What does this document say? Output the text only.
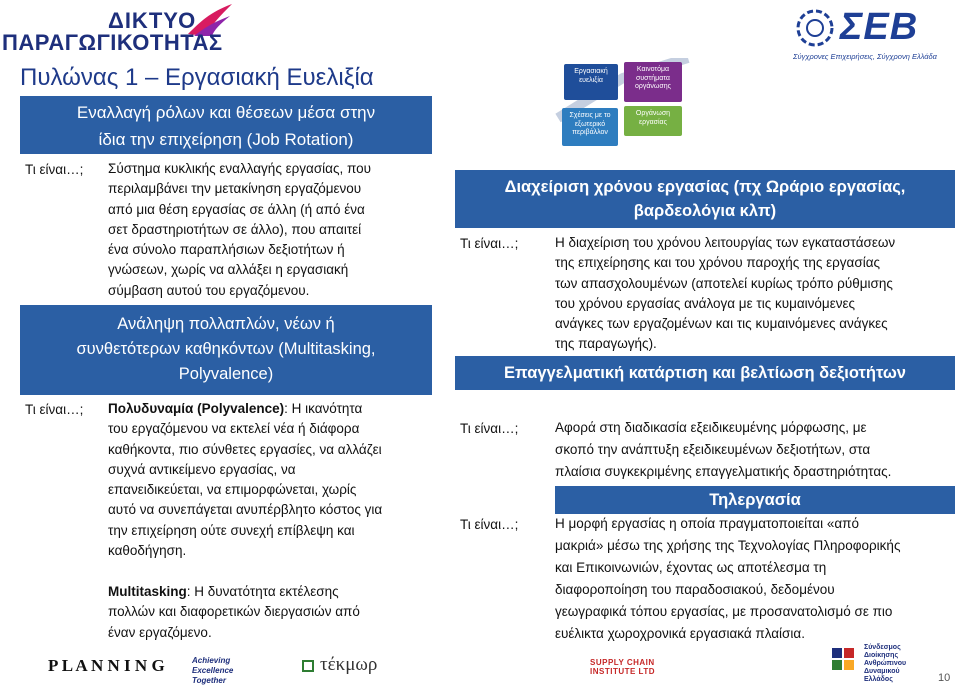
ΔΙΚΤΥΟ
ΠΑΡΑΓΩΓΙΚΟΤΗΤΑΣ	ΣΕΒ
Σύγχρονες Επιχειρήσεις, Σύγχρονη Ελλάδα
Πυλώνας 1 – Εργασιακή Ευελιξία	Εργασιακή ευελιξία
Καινοτόμα συστήματα οργάνωσης
Σχέσεις με το εξωτερικό περιβάλλον
Οργάνωση εργασίας
Εναλλαγή ρόλων και θέσεων μέσα στην
ίδια την επιχείρηση (Job Rotation)
Τι είναι…; Σύστημα κυκλικής εναλλαγής εργασίας, που
περιλαμβάνει την μετακίνηση εργαζόμενου
από μια θέση εργασίας σε άλλη (ή από ένα
σετ δραστηριοτήτων σε άλλο), που απαιτεί
ένα σύνολο παραπλήσιων δεξιοτήτων ή
γνώσεων, χωρίς να αλλάξει η εργασιακή
σύμβαση αυτού του εργαζόμενου.
Ανάληψη πολλαπλών, νέων ή
συνθετότερων καθηκόντων (Multitasking,
Polyvalence)
Τι είναι…; Πολυδυναμία (Polyvalence): Η ικανότητα
του εργαζόμενου να εκτελεί νέα ή διάφορα
καθήκοντα, πιο σύνθετες εργασίες, να αλλάζει
συχνά αντικείμενο εργασίας, να
επανειδικεύεται, να επιμορφώνεται, χωρίς
αυτό να συνεπάγεται ανυπέρβλητο κόστος για
την επιχείρηση ούτε συνεχή επίβλεψη και
καθοδήγηση.
Multitasking: Η δυνατότητα εκτέλεσης
πολλών και διαφορετικών διεργασιών από
έναν εργαζόμενο.
Διαχείριση χρόνου εργασίας (πχ Ωράριο εργασίας,
βαρδεολόγια κλπ)
Τι είναι…;	Η διαχείριση του χρόνου λειτουργίας των εγκαταστάσεων
της επιχείρησης και του χρόνου παροχής της εργασίας
των απασχολουμένων (αποτελεί κυρίως τρόπο ρύθμισης
του χρόνου εργασίας ανάλογα με τις κυμαινόμενες
ανάγκες των εργαζομένων και τις κυμαινόμενες ανάγκες
της παραγωγής).
Επαγγελματική κατάρτιση και βελτίωση δεξιοτήτων
Τι είναι…;	Αφορά στη διαδικασία εξειδικευμένης μόρφωσης, με
σκοπό την ανάπτυξη εξειδικευμένων δεξιοτήτων, στα
πλαίσια συγκεκριμένης επαγγελματικής δραστηριότητας.
Τηλεργασία
Τι είναι…;	Η μορφή εργασίας η οποία πραγματοποιείται «από
μακριά» μέσω της χρήσης της Τεχνολογίας Πληροφορικής
και Επικοινωνιών, έχοντας ως αποτέλεσμα τη
διαφοροποίηση του παραδοσιακού, δεδομένου
γεωγραφικά τόπου εργασίας, με προσανατολισμό σε πιο
ευέλικτα χωροχρονικά εργασιακά πλαίσια.
P L A N N I N G	Achieving
Excellence
Together
τέκμωρ	SUPPLY CHAIN
INSTITUTE LTD
Σύνδεσμος
Διοίκησης
Ανθρώπινου
Δυναμικού
Ελλάδος	10
